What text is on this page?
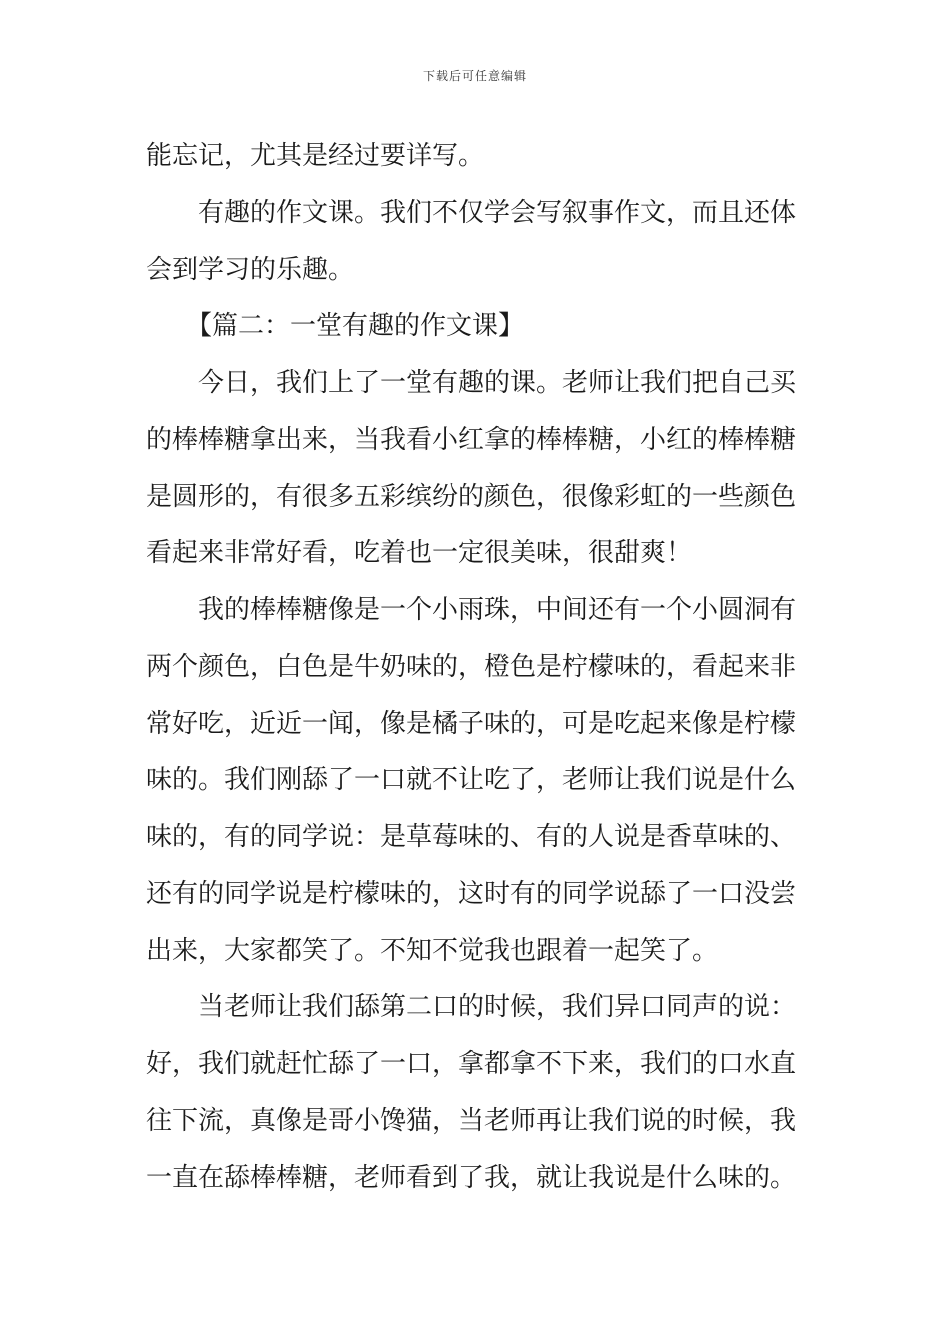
下载后可任意编辑
能忘记，尤其是经过要详写。
有趣的作文课。我们不仅学会写叙事作文，而且还体
会到学习的乐趣。
【篇二：一堂有趣的作文课】
今日，我们上了一堂有趣的课。老师让我们把自己买
的棒棒糖拿出来，当我看小红拿的棒棒糖，小红的棒棒糖
是圆形的，有很多五彩缤纷的颜色，很像彩虹的一些颜色
看起来非常好看，吃着也一定很美味，很甜爽！
我的棒棒糖像是一个小雨珠，中间还有一个小圆洞有
两个颜色，白色是牛奶味的，橙色是柠檬味的，看起来非
常好吃，近近一闻，像是橘子味的，可是吃起来像是柠檬
味的。我们刚舔了一口就不让吃了，老师让我们说是什么
味的，有的同学说：是草莓味的、有的人说是香草味的、
还有的同学说是柠檬味的，这时有的同学说舔了一口没尝
出来，大家都笑了。不知不觉我也跟着一起笑了。
当老师让我们舔第二口的时候，我们异口同声的说：
好，我们就赶忙舔了一口，拿都拿不下来，我们的口水直
往下流，真像是哥小馋猫，当老师再让我们说的时候，我
一直在舔棒棒糖，老师看到了我，就让我说是什么味的。
